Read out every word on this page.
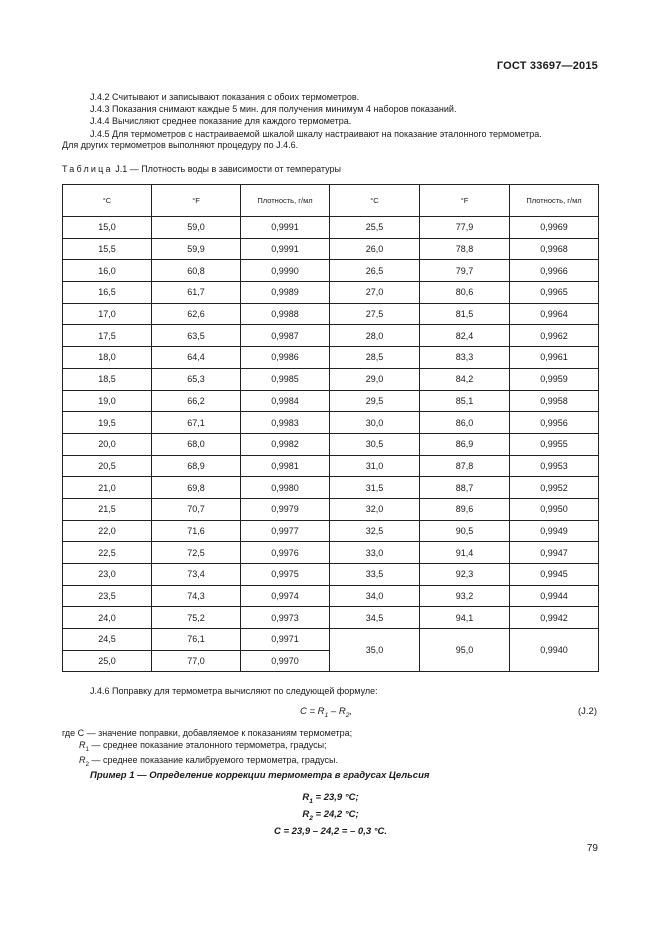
ГОСТ 33697—2015
J.4.2 Считывают и записывают показания с обоих термометров.
J.4.3 Показания снимают каждые 5 мин. для получения минимум 4 наборов показаний.
J.4.4 Вычисляют среднее показание для каждого термометра.
J.4.5 Для термометров с настраиваемой шкалой шкалу настраивают на показание эталонного термометра.
Для других термометров выполняют процедуру по J.4.6.
Таблица J.1 — Плотность воды в зависимости от температуры
°C	°F	Плотность, г/мл	°C	°F	Плотность, г/мл
15,0	59,0	0,9991	25,5	77,9	0,9969
15,5	59,9	0,9991	26,0	78,8	0,9968
16,0	60,8	0,9990	26,5	79,7	0,9966
16,5	61,7	0,9989	27,0	80,6	0,9965
17,0	62,6	0,9988	27,5	81,5	0,9964
17,5	63,5	0,9987	28,0	82,4	0,9962
18,0	64,4	0,9986	28,5	83,3	0,9961
18,5	65,3	0,9985	29,0	84,2	0,9959
19,0	66,2	0,9984	29,5	85,1	0,9958
19,5	67,1	0,9983	30,0	86,0	0,9956
20,0	68,0	0,9982	30,5	86,9	0,9955
20,5	68,9	0,9981	31,0	87,8	0,9953
21,0	69,8	0,9980	31,5	88,7	0,9952
21,5	70,7	0,9979	32,0	89,6	0,9950
22,0	71,6	0,9977	32,5	90,5	0,9949
22,5	72,5	0,9976	33,0	91,4	0,9947
23,0	73,4	0,9975	33,5	92,3	0,9945
23,5	74,3	0,9974	34,0	93,2	0,9944
24,0	75,2	0,9973	34,5	94,1	0,9942
24,5	76,1	0,9971	35,0	95,0	0,9940
25,0	77,0	0,9970			
J.4.6 Поправку для термометра вычисляют по следующей формуле:
$C = R_1 - R_2$,	(J.2)
где C — значение поправки, добавляемое к показаниям термометра;
$R_1$ — среднее показание эталонного термометра, градусы;
$R_2$ — среднее показание калибруемого термометра, градусы.
Пример 1 — Определение коррекции термометра в градусах Цельсия
$R_1 = 23,9$ °C;
$R_2 = 24,2$ °C;
C = 23,9 – 24,2 = – 0,3 °C.
79
